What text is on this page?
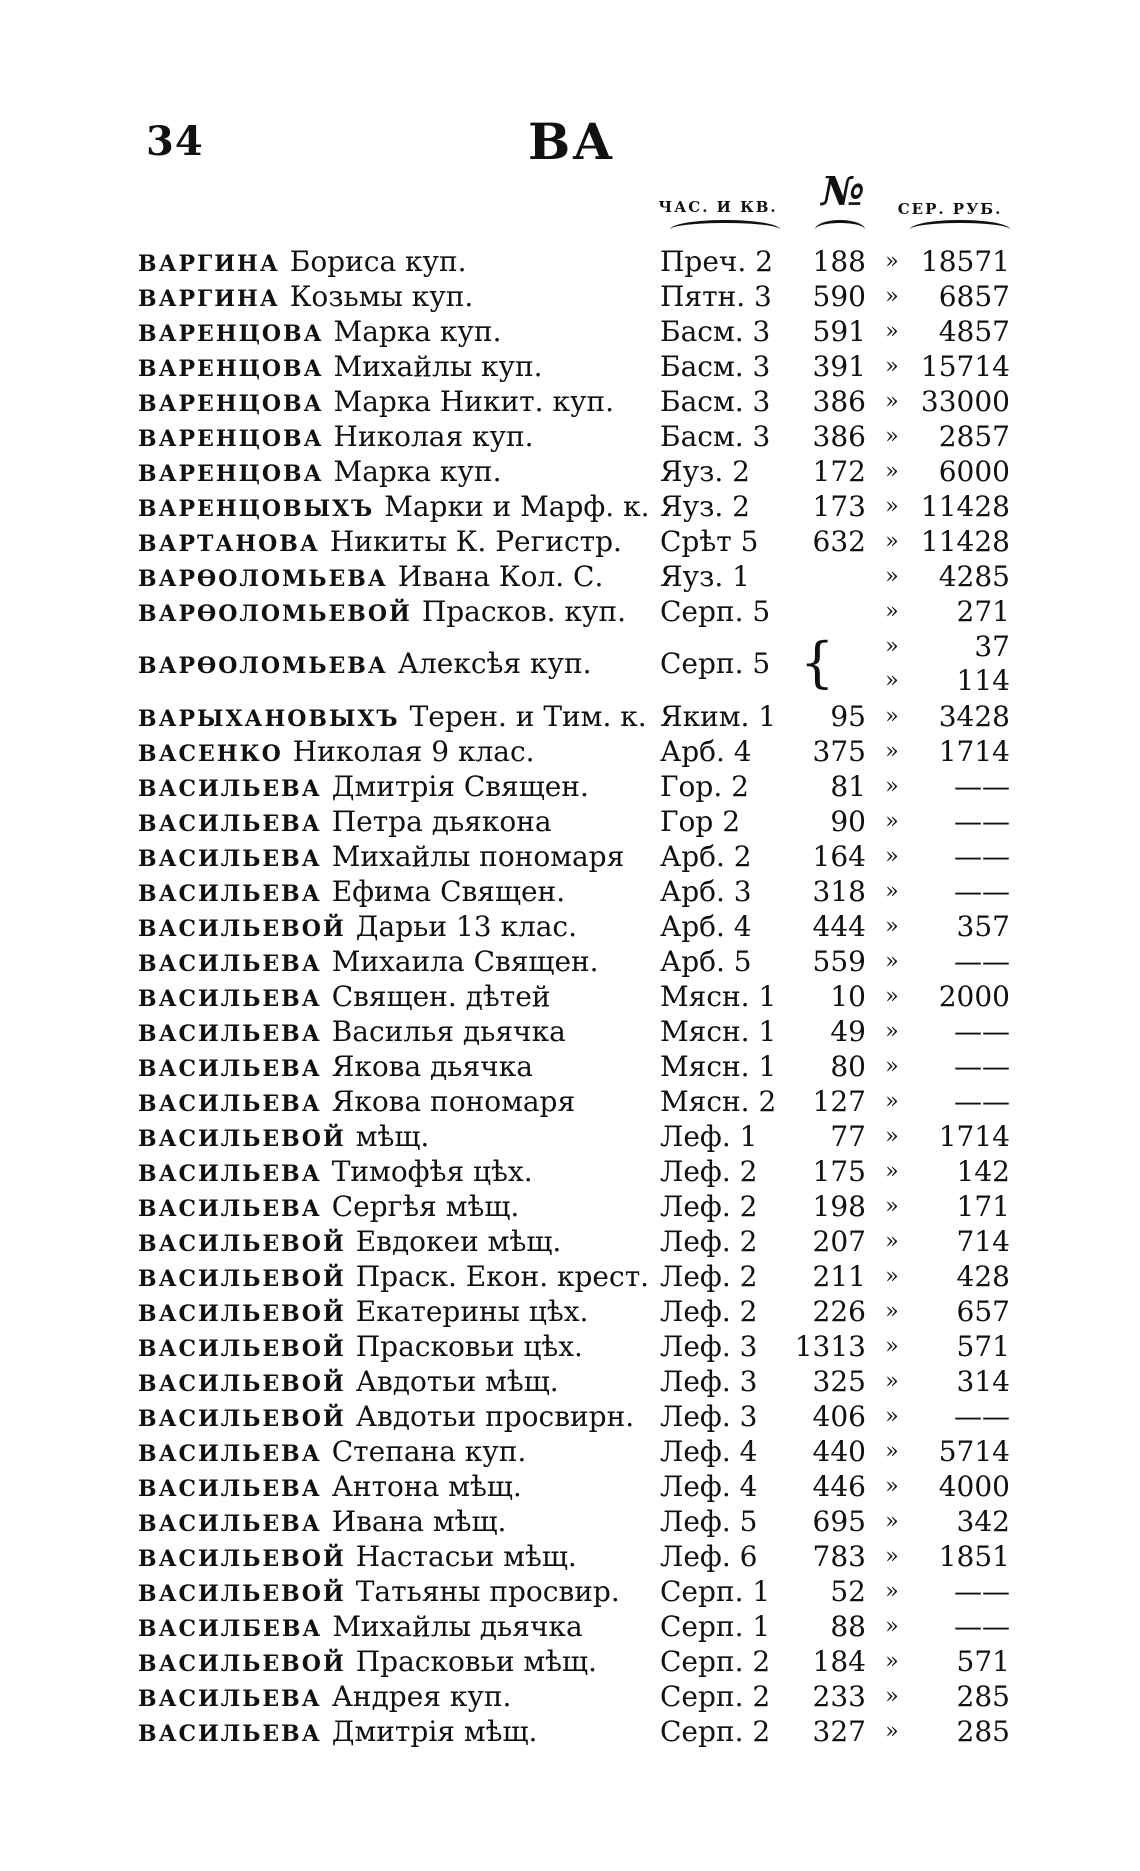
34	ВА
ЧАС. И КВ.	№	СЕР. РУБ.
ВАPГИНА Бориса куп.	Преч. 2	188 » 18571
ВАPГИНА Козьмы куп.	Пятн. 3	590 »	6857
ВАРЕНЦОВА Марка куп.	Басм. 3	591 »	4857
ВАРЕНЦОВА Михайлы куп.	Басм. 3	391 » 15714
ВАРЕНЦОВА Марка Никит. куп.	Басм. 3	386 » 33000
ВАРЕНЦОВА Николая куп.	Басм. 3	386 »	2857
ВАРЕНЦОВА Марка куп.	Яуз. 2	172 »	6000
ВАРЕНЦОВЫХЪ Марки и Марф. к. Яуз. 2	173 » 11428
ВАРТАНОВА Никиты К. Регистр.	Срѣт 5	632 » 11428
ВАРѲОЛОМЬЕВА Ивана Кол. С.	Яуз. 1	»	4285
ВАРѲОЛОМЬЕВОЙ Прасков. куп.	Серп. 5	»	271
ВАРѲОЛОМЬЕВА Алексѣя куп.	Серп. 5 { »	37
»	114
ВАРЫХАНОВЫХЪ Терен. и Тим. к. Яким. 1	95 »	3428
ВАСЕНКО Николая 9 клас.	Арб. 4	375 »	1714
ВАСИЛЬЕВА Дмитрія Священ.	Гор. 2	81 »	——
ВАСИЛЬЕВА Петра дьякона	Гор 2	90 »	——
ВАСИЛЬЕВА Михайлы пономаря	Арб. 2	164 »	——
ВАСИЛЬЕВА Ефима Священ.	Арб. 3	318 »	——
ВАСИЛЬЕВОЙ Дарьи 13 клас.	Арб. 4	444 »	357
ВАСИЛЬЕВА Михаила Священ.	Арб. 5	559 »	——
ВАСИЛЬЕВА Священ. дѣтей	Мясн. 1	10 »	2000
ВАСИЛЬЕВА Василья дьячка	Мясн. 1	49 »	——
ВАСИЛЬЕВА Якова дьячка	Мясн. 1	80 »	——
ВАСИЛЬЕВА Якова пономаря	Мясн. 2	127 »	——
ВАСИЛЬЕВОЙ мѣщ.	Леф. 1	77 »	1714
ВАСИЛЬЕВА Тимофѣя цѣх.	Леф. 2	175 »	142
ВАСИЛЬЕВА Сергѣя мѣщ.	Леф. 2	198 »	171
ВАСИЛЬЕВОЙ Евдокеи мѣщ.	Леф. 2	207 »	714
ВАСИЛЬЕВОЙ Праск. Екон. крест. Леф. 2	211 »	428
ВАСИЛЬЕВОЙ Екатерины цѣх.	Леф. 2	226 »	657
ВАСИЛЬЕВОЙ Прасковьи цѣх.	Леф. 3	1313 »	571
ВАСИЛЬЕВОЙ Авдотьи мѣщ.	Леф. 3	325 »	314
ВАСИЛЬЕВОЙ Авдотьи просвирн. Леф. 3	406 »	——
ВАСИЛЬЕВА Степана куп.	Леф. 4	440 »	5714
ВАСИЛЬЕВА Антона мѣщ.	Леф. 4	446 »	4000
ВАСИЛЬЕВА Ивана мѣщ.	Леф. 5	695 »	342
ВАСИЛЬЕВОЙ Настасьи мѣщ.	Леф. 6	783 »	1851
ВАСИЛЬЕВОЙ Татьяны просвир.	Серп. 1	52 »	——
ВАСИЛБЕВА Михайлы дьячка	Серп. 1	88 »	——
ВАСИЛЬЕВОЙ Прасковьи мѣщ.	Серп. 2	184 »	571
ВАСИЛЬЕВА Андрея куп.	Серп. 2	233 »	285
ВАСИЛЬЕВА Дмитрія мѣщ.	Серп. 2	327 »	285
